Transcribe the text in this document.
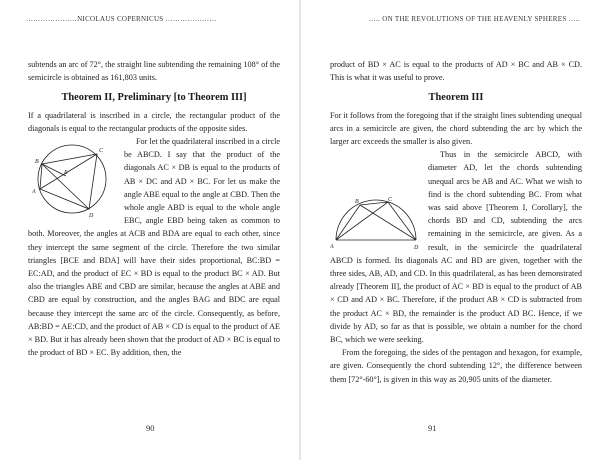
…………………NICOLAUS COPERNICUS …………………

subtends an arc of 72°, the straight line subtending the remaining 108° of the semicircle is obtained as 161,803 units.

Theorem II, Preliminary [to Theorem III]

If a quadrilateral is inscribed in a circle, the rectangular product of the diagonals is equal to the rectangular products of the opposite sides.

A
B
C
D
E

For let the quadrilateral inscribed in a circle be ABCD. I say that the product of the diagonals AC × DB is equal to the products of AB × DC and AD × BC. For let us make the angle ABE equal to the angle at CBD. Then the whole angle ABD is equal to the whole angle EBC, angle EBD being taken as common to both. Moreover, the angles at ACB and BDA are equal to each other, since they intercept the same segment of the circle. Therefore the two similar triangles [BCE and BDA] will have their sides proportional, BC:BD = EC:AD, and the product of EC × BD is equal to the product BC × AD. But also the triangles ABE and CBD are similar, because the angles at ABE and CBD are equal by construction, and the angles BAG and BDC are equal because they intercept the same arc of the circle. Consequently, as before, AB:BD = AE:CD, and the product of AB × CD is equal to the product of AE × BD. But it has already been shown that the product of AD × BC is equal to the product of BD × EC. By addition, then, the

90
….. ON THE REVOLUTIONS OF THE HEAVENLY SPHERES …..

product of BD × AC is equal to the products of AD × BC and AB × CD. This is what it was useful to prove.

Theorem III

For it follows from the foregoing that if the straight lines subtending unequal arcs in a semicircle are given, the chord subtending the arc by which the larger arc exceeds the smaller is also given.

A
B	C
D
Thus in the semicircle ABCD, with diameter AD, let the chords subtending unequal arcs be AB and AC. What we wish to find is the chord subtending BC. From what was said above [Theorem I, Corollary], the chords BD and CD, subtending the arcs remaining in the semicircle, are given. As a result, in the semicircle the quadrilateral ABCD is formed. Its diagonals AC and BD are given, together with the three sides, AB, AD, and CD. In this quadrilateral, as has been demonstrated already [Theorem II], the product of AC × BD is equal to the product of AB × CD and AD × BC. Therefore, if the product AB × CD is subtracted from the product AC × BD, the remainder is the product AD BC. Hence, if we divide by AD, so far as that is possible, we obtain a number for the chord BC, which we were seeking.

From the foregoing, the sides of the pentagon and hexagon, for example, are given. Consequently the chord subtending 12°, the difference between them [72°-60°], is given in this way as 20,905 units of the diameter.

91
